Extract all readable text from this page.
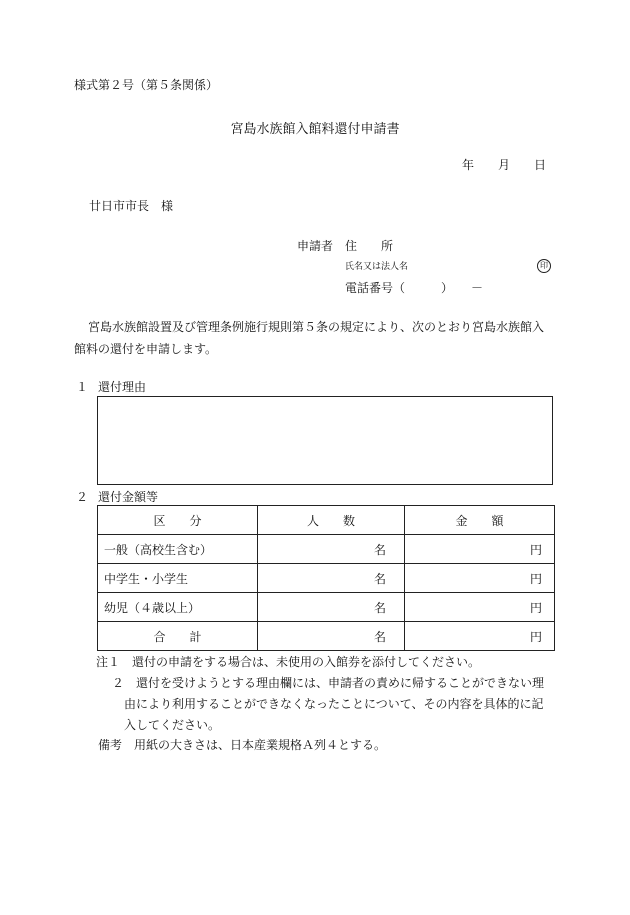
様式第２号（第５条関係）
宮島水族館入館料還付申請書
年　　月　　日
廿日市市長　様
申請者 住　　所
氏名又は法人名	印
電話番号（　　　）　　－
宮島水族館設置及び管理条例施行規則第５条の規定により、次のとおり宮島水族館入
館料の還付を申請します。
１ 還付理由
２ 還付金額等
区　　分	人　　数	金　　額
一般（高校生含む）	名	円
中学生・小学生	名	円
幼児（４歳以上）	名	円
合　　計	名	円
注１　還付の申請をする場合は、未使用の入館券を添付してください。
２　還付を受けようとする理由欄には、申請者の責めに帰することができない理
由により利用することができなくなったことについて、その内容を具体的に記
入してください。
備考　用紙の大きさは、日本産業規格Ａ列４とする。
